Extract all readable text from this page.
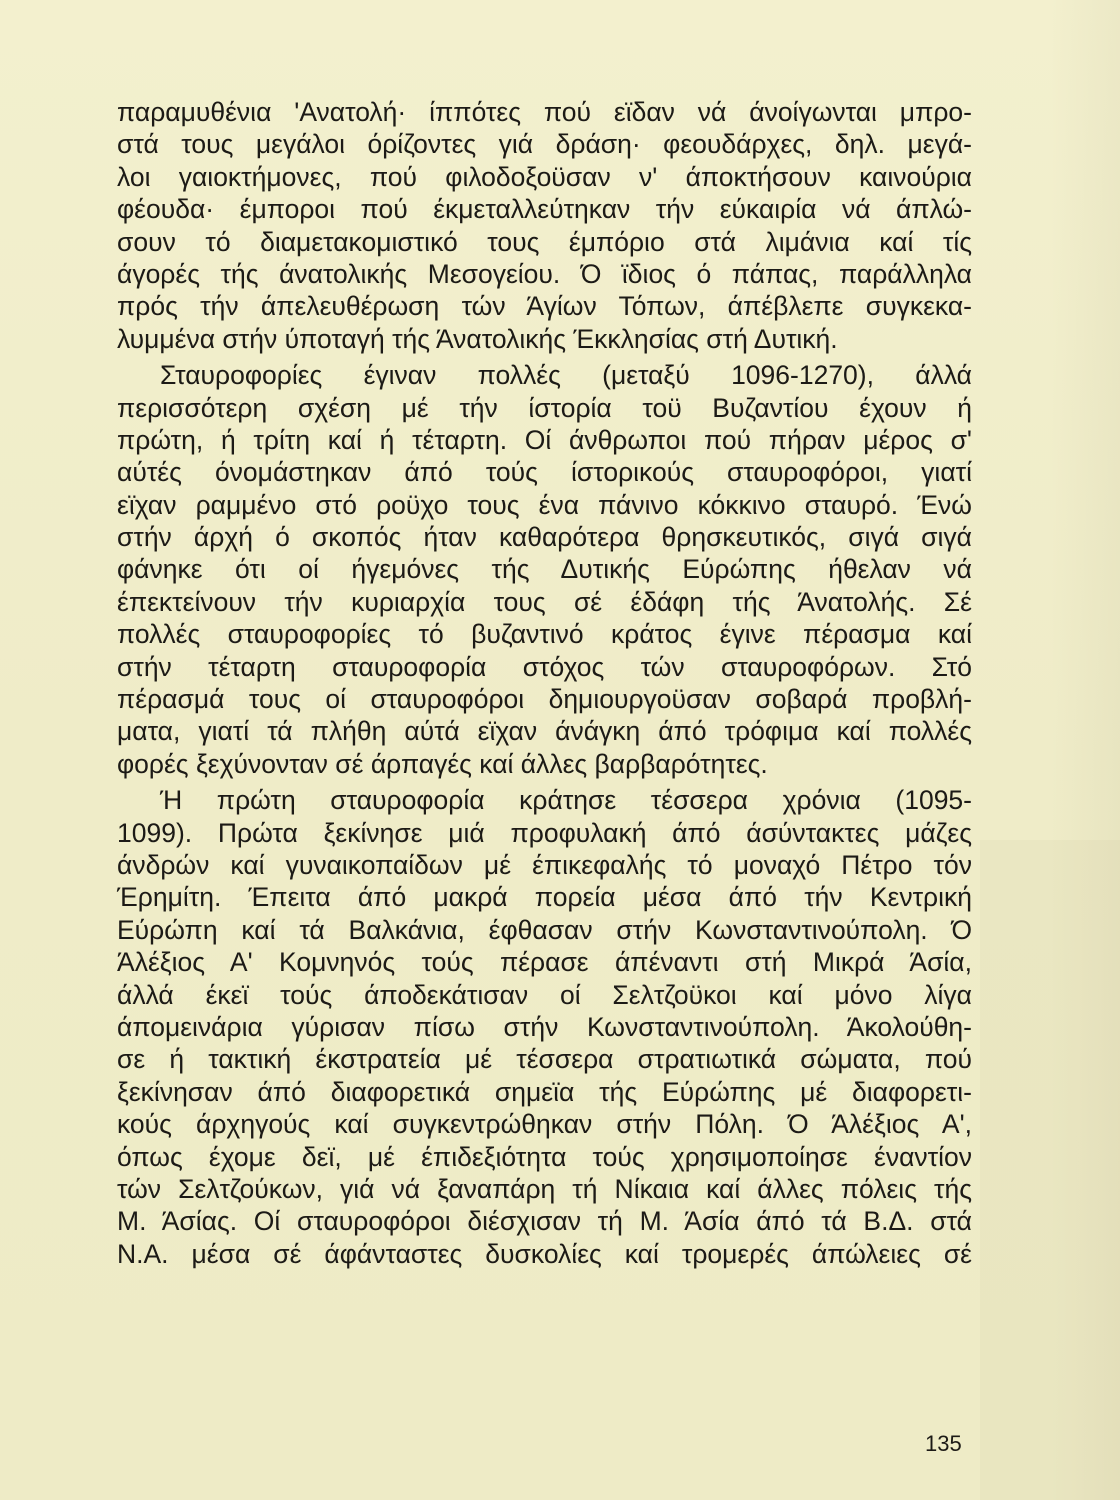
παραμυθένια 'Ανατολή· ίππότες πού εϊδαν νά άνοίγωνται μπρο-
στά τους μεγάλοι όρίζοντες γιά δράση· φεουδάρχες, δηλ. μεγά-
λοι γαιοκτήμονες, πού φιλοδοξοϋσαν ν' άποκτήσουν καινούρια
φέουδα· έμποροι πού έκμεταλλεύτηκαν τήν εύκαιρία νά άπλώ-
σουν τό διαμετακομιστικό τους έμπόριο στά λιμάνια καί τίς
άγορές τής άνατολικής Μεσογείου. Ό ϊδιος ό πάπας, παράλληλα
πρός τήν άπελευθέρωση τών Άγίων Τόπων, άπέβλεπε συγκεκα-
λυμμένα στήν ύποταγή τής Άνατολικής Έκκλησίας στή Δυτική.

Σταυροφορίες έγιναν πολλές (μεταξύ 1096-1270), άλλά
περισσότερη σχέση μέ τήν ίστορία τοϋ Βυζαντίου έχουν ή
πρώτη, ή τρίτη καί ή τέταρτη. Οί άνθρωποι πού πήραν μέρος σ'
αύτές όνομάστηκαν άπό τούς ίστορικούς σταυροφόροι, γιατί
εϊχαν ραμμένο στό ροϋχο τους ένα πάνινο κόκκινο σταυρό. Ένώ
στήν άρχή ό σκοπός ήταν καθαρότερα θρησκευτικός, σιγά σιγά
φάνηκε ότι οί ήγεμόνες τής Δυτικής Εύρώπης ήθελαν νά
έπεκτείνουν τήν κυριαρχία τους σέ έδάφη τής Άνατολής. Σέ
πολλές σταυροφορίες τό βυζαντινό κράτος έγινε πέρασμα καί
στήν τέταρτη σταυροφορία στόχος τών σταυροφόρων. Στό
πέρασμά τους οί σταυροφόροι δημιουργοϋσαν σοβαρά προβλή-
ματα, γιατί τά πλήθη αύτά εϊχαν άνάγκη άπό τρόφιμα καί πολλές
φορές ξεχύνονταν σέ άρπαγές καί άλλες βαρβαρότητες.

Ή πρώτη σταυροφορία κράτησε τέσσερα χρόνια (1095-
1099). Πρώτα ξεκίνησε μιά προφυλακή άπό άσύντακτες μάζες
άνδρών καί γυναικοπαίδων μέ έπικεφαλής τό μοναχό Πέτρο τόν
Έρημίτη. Έπειτα άπό μακρά πορεία μέσα άπό τήν Κεντρική
Εύρώπη καί τά Βαλκάνια, έφθασαν στήν Κωνσταντινούπολη. Ό
Άλέξιος Α' Κομνηνός τούς πέρασε άπέναντι στή Μικρά Άσία,
άλλά έκεϊ τούς άποδεκάτισαν οί Σελτζοϋκοι καί μόνο λίγα
άπομεινάρια γύρισαν πίσω στήν Κωνσταντινούπολη. Άκολούθη-
σε ή τακτική έκστρατεία μέ τέσσερα στρατιωτικά σώματα, πού
ξεκίνησαν άπό διαφορετικά σημεϊα τής Εύρώπης μέ διαφορετι-
κούς άρχηγούς καί συγκεντρώθηκαν στήν Πόλη. Ό Άλέξιος Α',
όπως έχομε δεϊ, μέ έπιδεξιότητα τούς χρησιμοποίησε έναντίον
τών Σελτζούκων, γιά νά ξαναπάρη τή Νίκαια καί άλλες πόλεις τής
Μ. Άσίας. Οί σταυροφόροι διέσχισαν τή Μ. Άσία άπό τά Β.Δ. στά
Ν.Α. μέσα σέ άφάνταστες δυσκολίες καί τρομερές άπώλειες σέ

135
